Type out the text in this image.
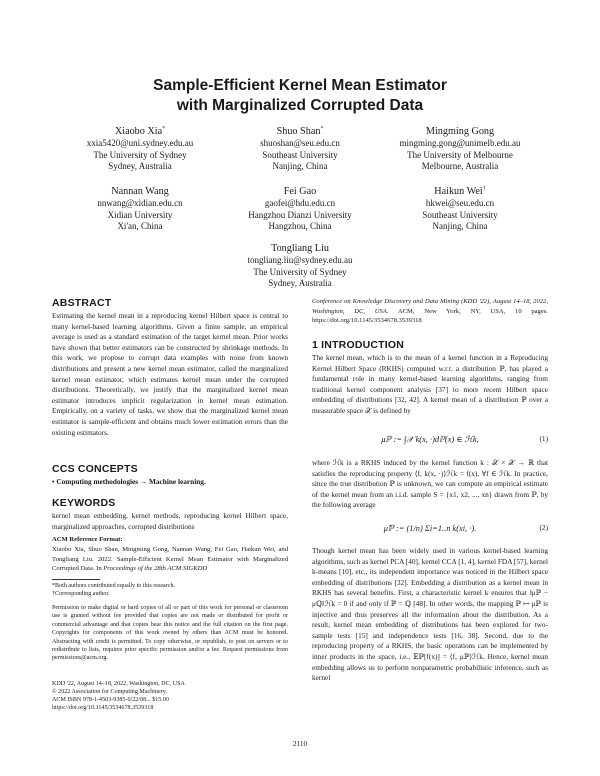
Sample-Efficient Kernel Mean Estimator
with Marginalized Corrupted Data
Xiaobo Xia*
xxia5420@uni.sydney.edu.au
The University of Sydney
Sydney, Australia
Shuo Shan*
shuoshan@seu.edu.cn
Southeast University
Nanjing, China
Mingming Gong
mingming.gong@unimelb.edu.au
The University of Melbourne
Melbourne, Australia
Nannan Wang
nnwang@xidian.edu.cn
Xidian University
Xi'an, China
Fei Gao
gaofei@hdu.edu.cn
Hangzhou Dianzi University
Hangzhou, China
Haikun Wei†
hkwei@seu.edu.cn
Southeast University
Nanjing, China
Tongliang Liu
tongliang.liu@sydney.edu.au
The University of Sydney
Sydney, Australia
ABSTRACT
Estimating the kernel mean in a reproducing kernel Hilbert space is central to many kernel-based learning algorithms. Given a finite sample, an empirical average is used as a standard estimation of the target kernel mean. Prior works have shown that better estimators can be constructed by shrinkage methods. In this work, we propose to corrupt data examples with noise from known distributions and present a new kernel mean estimator, called the marginalized kernel mean estimator, which estimates kernel mean under the corrupted distributions. Theoretically, we justify that the marginalized kernel mean estimator introduces implicit regularization in kernel mean estimation. Empirically, on a variety of tasks, we show that the marginalized kernel mean estimator is sample-efficient and obtains much lower estimation errors than the existing estimators.
CCS CONCEPTS
• Computing methodologies → Machine learning.
KEYWORDS
kernel mean embedding, kernel methods, reproducing kernel Hilbert space, marginalized approaches, corrupted distributions
ACM Reference Format:
Xiaobo Xia, Shuo Shan, Mingming Gong, Nannan Wang, Fei Gao, Haikun Wei, and Tongliang Liu. 2022. Sample-Efficient Kernel Mean Estimator with Marginalized Corrupted Data. In Proceedings of the 28th ACM SIGKDD
*Both authors contributed equally to this research.
†Corresponding author.
Permission to make digital or hard copies of all or part of this work for personal or classroom use is granted without fee provided that copies are not made or distributed for profit or commercial advantage and that copies bear this notice and the full citation on the first page. Copyrights for components of this work owned by others than ACM must be honored. Abstracting with credit is permitted. To copy otherwise, or republish, to post on servers or to redistribute to lists, requires prior specific permission and/or a fee. Request permissions from permissions@acm.org.
KDD '22, August 14–18, 2022, Washington, DC, USA
© 2022 Association for Computing Machinery.
ACM ISBN 978-1-4503-9385-0/22/08... $15.00
https://doi.org/10.1145/3534678.3539318
Conference on Knowledge Discovery and Data Mining (KDD '22), August 14–18, 2022, Washington, DC, USA. ACM, New York, NY, USA, 10 pages. https://doi.org/10.1145/3534678.3539318
1 INTRODUCTION
The kernel mean, which is to the mean of a kernel function in a Reproducing Kernel Hilbert Space (RKHS) computed w.r.t. a distribution ℙ, has played a fundamental role in many kernel-based learning algorithms, ranging from traditional kernel component analysis [37] to more recent Hilbert space embedding of distributions [32, 42]. A kernel mean of a distribution ℙ over a measurable space 𝒳 is defined by
μℙ := ∫𝒳 k(x, ·)dℙ(x) ∈ ℋk,	(1)
where ℋk is a RKHS induced by the kernel function k : 𝒳 × 𝒳 → ℝ that satisfies the reproducing property ⟨f, k(x, ·)⟩ℋk = f(x), ∀f ∈ ℋk. In practice, since the true distribution ℙ is unknown, we can compute an empirical estimate of the kernel mean from an i.i.d. sample S = {x1, x2, ..., xn} drawn from ℙ, by the following average
μ̂ℙ := (1/n) Σi=1..n k(xi, ·).	(2)
Though kernel mean has been widely used in various kernel-based learning algorithms, such as kernel PCA [40], kernel CCA [1, 4], kernel FDA [57], kernel k-means [10], etc., its independent importance was noticed in the Hilbert space embedding of distributions [32]. Embedding a distribution as a kernel mean in RKHS has several benefits. First, a characteristic kernel k ensures that ‖μℙ − μℚ‖ℋk = 0 if and only if ℙ = ℚ [48]. In other words, the mapping ℙ ↦ μℙ is injective and thus preserves all the information about the distribution. As a result, kernel mean embedding of distributions has been explored for two-sample tests [15] and independence tests [16, 38]. Second, due to the reproducing property of a RKHS, the basic operations can be implemented by inner products in the space, i.e., 𝔼ℙ[f(x)] = ⟨f, μℙ⟩ℋk. Hence, kernel mean embedding allows us to perform nonparametric probabilistic inference, such as kernel
2110
